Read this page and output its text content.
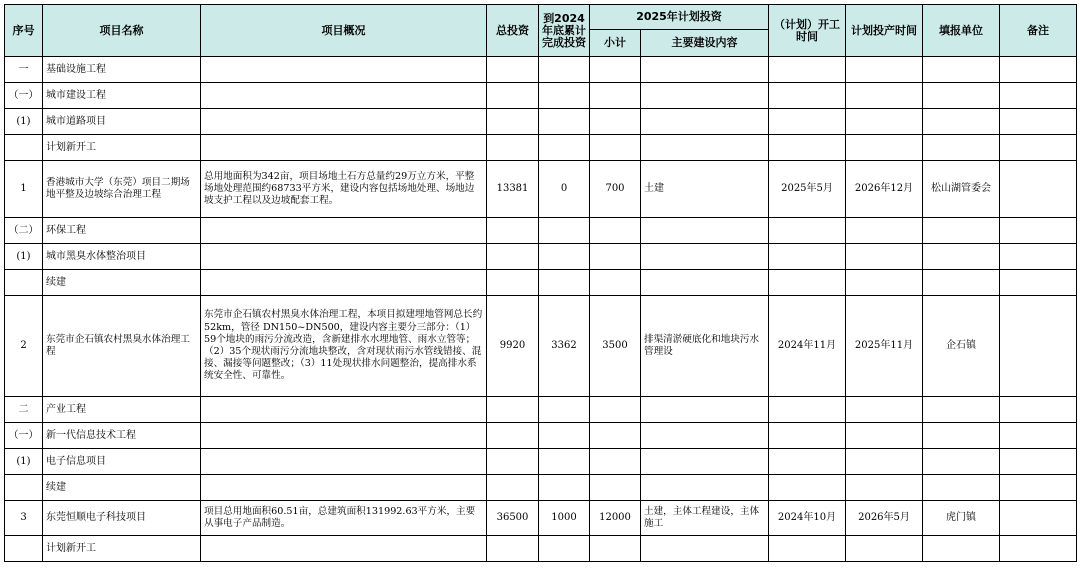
序号	项目名称	项目概况	总投资	到2024年底累计完成投资	2025年计划投资		（计划）开工时间	计划投产时间	填报单位	备注
					小计	主要建设内容				
一	基础设施工程									
（一）	城市建设工程									
(1)	城市道路项目									
	计划新开工									
1	香港城市大学（东莞）项目二期场地平整及边坡综合治理工程	总用地面积为342亩，项目场地土石方总量约29万立方米，平整场地处理范围约68733平方米，建设内容包括场地处理、场地边坡支护工程以及边坡配套工程。	13381	0	700	土建	2025年5月	2026年12月	松山湖管委会	
（二）	环保工程									
(1)	城市黑臭水体整治项目									
	续建									
2	东莞市企石镇农村黑臭水体治理工程	东莞市企石镇农村黑臭水体治理工程，本项目拟建埋地管网总长约 52km，管径 DN150~DN500，建设内容主要分三部分：（1）59个地块的雨污分流改造，含新建排水水埋地管、雨水立管等；（2）35个现状雨污分流地块整改，含对现状雨污水管线错接、混接、漏接等问题整改；（3）11处现状排水问题整治，提高排水系统安全性、可靠性。	9920	3362	3500	排渠清淤硬底化和地块污水管理设	2024年11月	2025年11月	企石镇	
二	产业工程									
（一）	新一代信息技术工程									
(1)	电子信息项目									
	续建									
3	东莞恒顺电子科技项目	项目总用地面积60.51亩，总建筑面积131992.63平方米，主要从事电子产品制造。	36500	1000	12000	土建，主体工程建设，主体施工	2024年10月	2026年5月	虎门镇	
	计划新开工									
